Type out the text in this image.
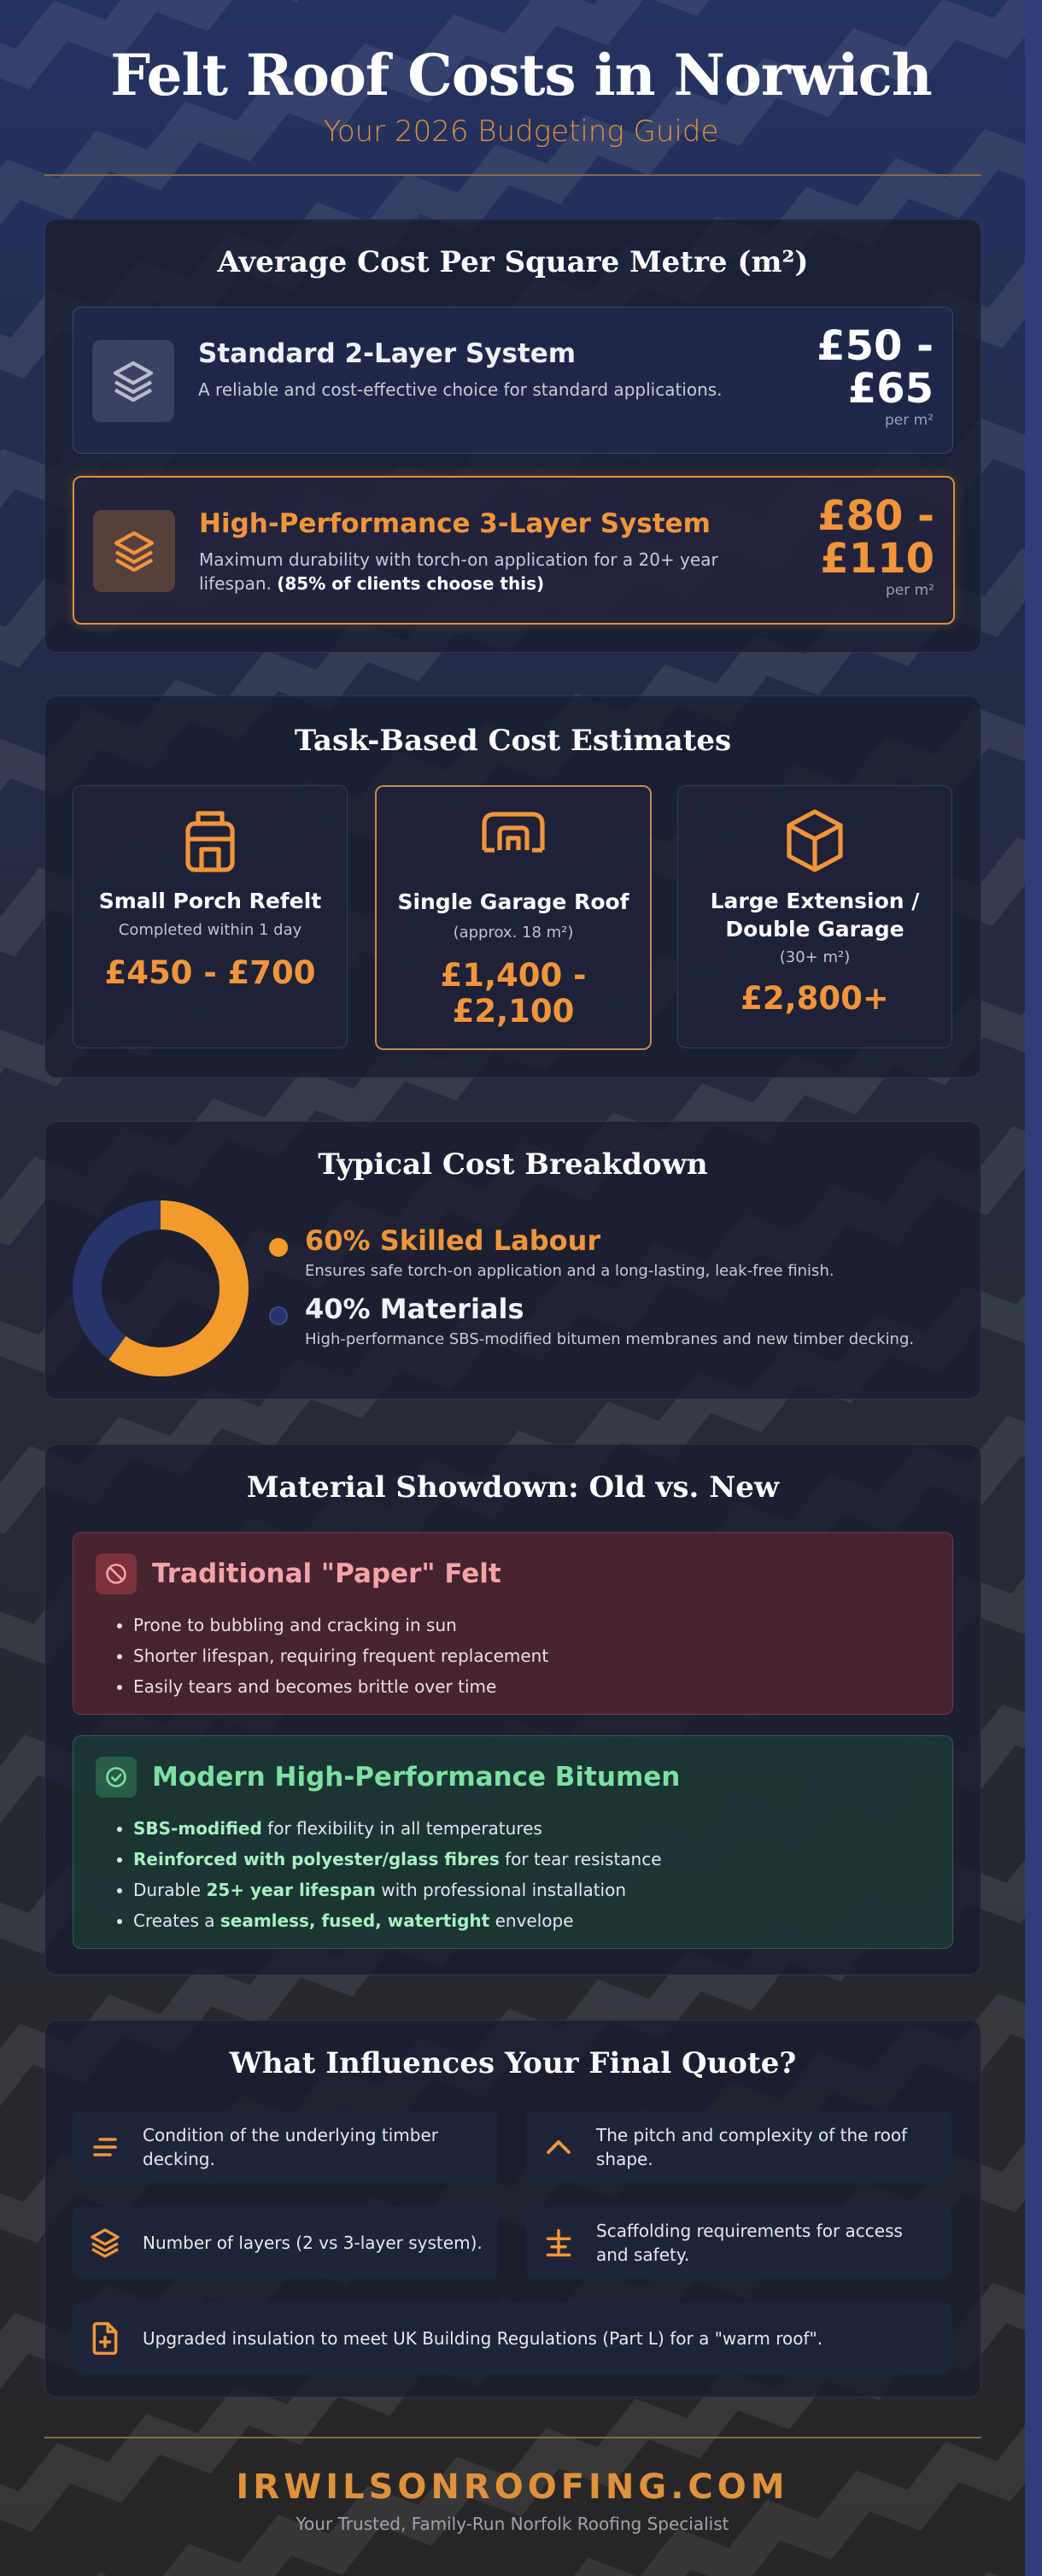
Felt Roof Costs in Norwich
Your 2026 Budgeting Guide
Average Cost Per Square Metre (m²)
Standard 2-Layer System
A reliable and cost-effective choice for standard applications.
£50 - £65
per m²
High-Performance 3-Layer System
Maximum durability with torch-on application for a 20+ year lifespan. (85% of clients choose this)
£80 - £110
per m²
Task-Based Cost Estimates
Small Porch Refelt
Completed within 1 day
£450 - £700
Single Garage Roof
(approx. 18 m²)
£1,400 - £2,100
Large Extension / Double Garage
(30+ m²)
£2,800+
Typical Cost Breakdown
60% Skilled Labour
Ensures safe torch-on application and a long-lasting, leak-free finish.
40% Materials
High-performance SBS-modified bitumen membranes and new timber decking.
Material Showdown: Old vs. New
Traditional "Paper" Felt
• Prone to bubbling and cracking in sun
• Shorter lifespan, requiring frequent replacement
• Easily tears and becomes brittle over time
Modern High-Performance Bitumen
• SBS-modified for flexibility in all temperatures
• Reinforced with polyester/glass fibres for tear resistance
• Durable 25+ year lifespan with professional installation
• Creates a seamless, fused, watertight envelope
What Influences Your Final Quote?
Condition of the underlying timber decking.
The pitch and complexity of the roof shape.
Number of layers (2 vs 3-layer system).
Scaffolding requirements for access and safety.
Upgraded insulation to meet UK Building Regulations (Part L) for a "warm roof".
IRWILSONROOFING.COM
Your Trusted, Family-Run Norfolk Roofing Specialist
